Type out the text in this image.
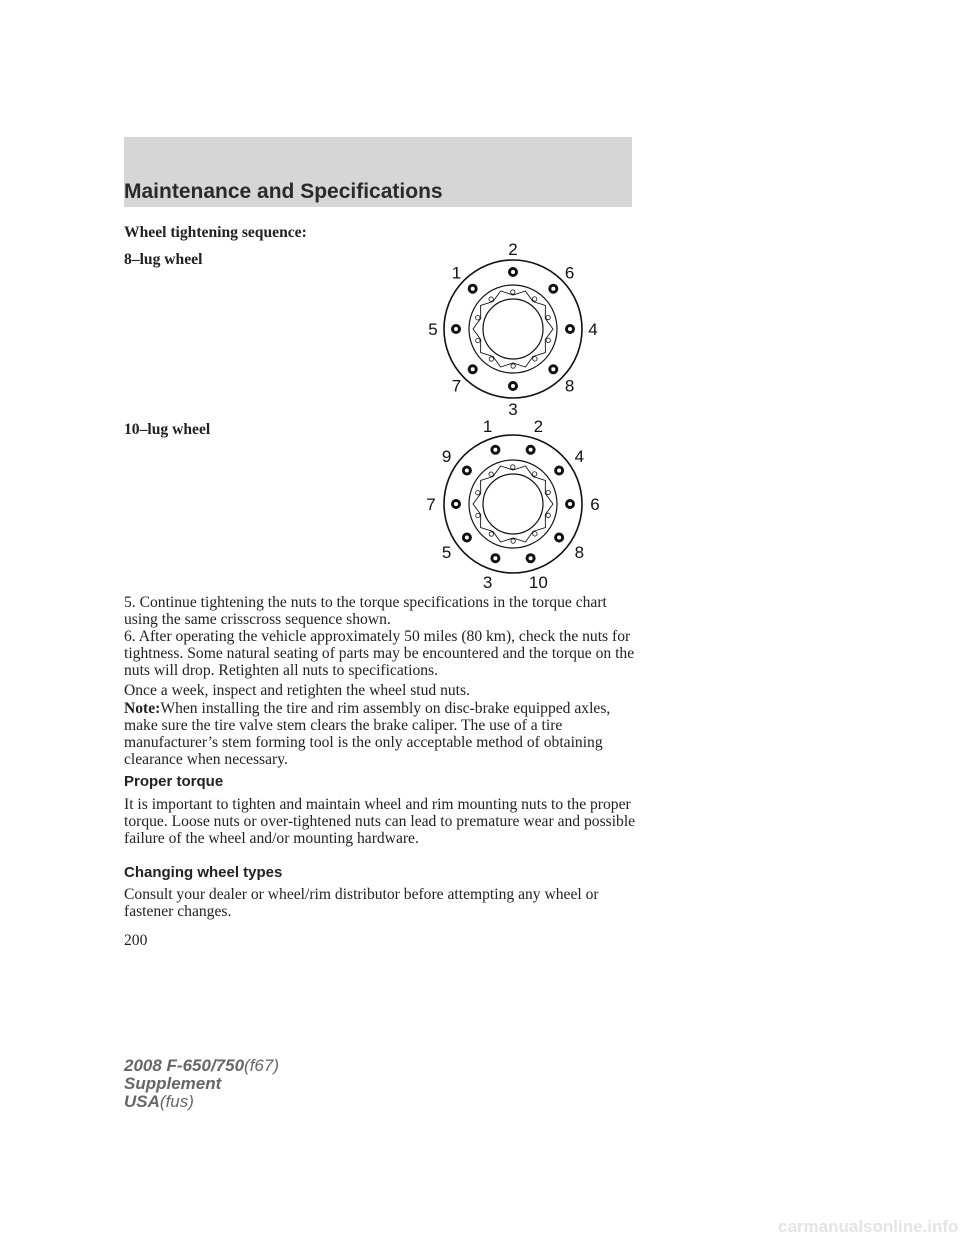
Maintenance and Specifications
Wheel tightening sequence:
8–lug wheel
2
6
4
8
3
7
5
1
10–lug wheel	1 2
4
6
8
10
3
5
7
9
5. Continue tightening the nuts to the torque specifications in the torque chart using the same crisscross sequence shown.
6. After operating the vehicle approximately 50 miles (80 km), check the nuts for tightness. Some natural seating of parts may be encountered and the torque on the nuts will drop. Retighten all nuts to specifications.
Once a week, inspect and retighten the wheel stud nuts.
Note:When installing the tire and rim assembly on disc-brake equipped axles, make sure the tire valve stem clears the brake caliper. The use of a tire manufacturer’s stem forming tool is the only acceptable method of obtaining clearance when necessary.
Proper torque
It is important to tighten and maintain wheel and rim mounting nuts to the proper torque. Loose nuts or over-tightened nuts can lead to premature wear and possible failure of the wheel and/or mounting hardware.
Changing wheel types
Consult your dealer or wheel/rim distributor before attempting any wheel or fastener changes.
200
2008 F-650/750(f67)
Supplement
USA(fus)
carmanualsonline.info
